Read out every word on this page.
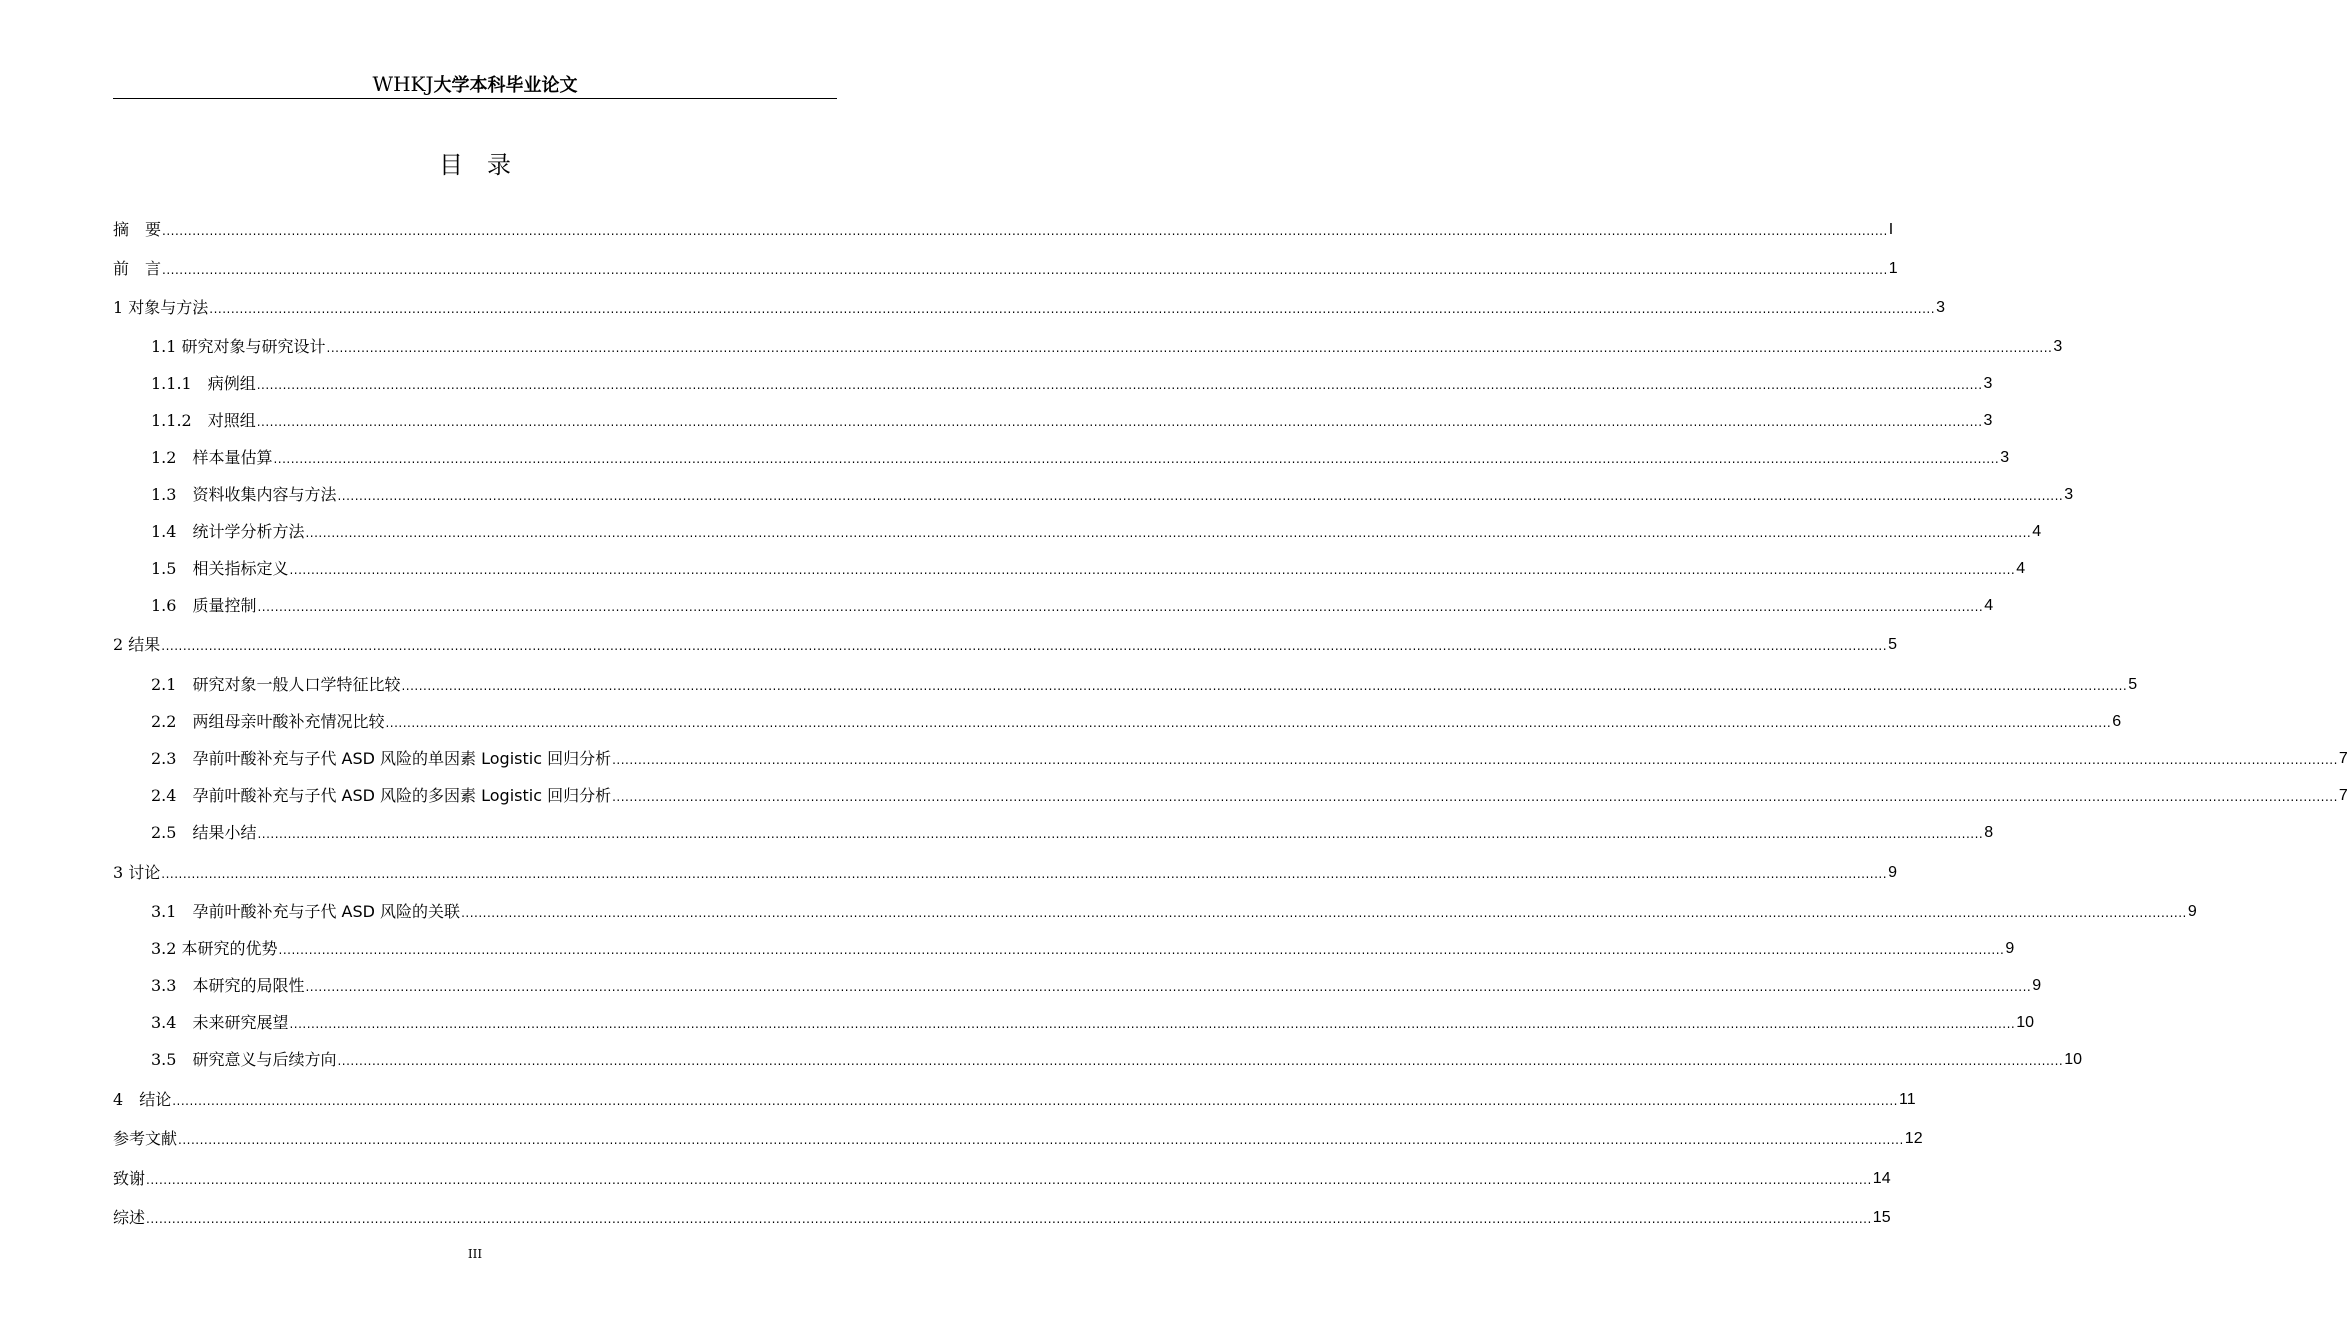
WHKJ大学本科毕业论文
目录
摘　要 ................................................................................................................................................................................................................................................................................................................................................................................................................ I
前　言 ................................................................................................................................................................................................................................................................................................................................................................................................................ 1
1 对象与方法 ................................................................................................................................................................................................................................................................................................................................................................................................................ 3
1.1 研究对象与研究设计 ................................................................................................................................................................................................................................................................................................................................................................................................................ 3
1.1.1　病例组 ................................................................................................................................................................................................................................................................................................................................................................................................................ 3
1.1.2　对照组 ................................................................................................................................................................................................................................................................................................................................................................................................................ 3
1.2　样本量估算 ................................................................................................................................................................................................................................................................................................................................................................................................................ 3
1.3　资料收集内容与方法 ................................................................................................................................................................................................................................................................................................................................................................................................................ 3
1.4　统计学分析方法 ................................................................................................................................................................................................................................................................................................................................................................................................................ 4
1.5　相关指标定义 ................................................................................................................................................................................................................................................................................................................................................................................................................ 4
1.6　质量控制 ................................................................................................................................................................................................................................................................................................................................................................................................................ 4
2 结果 ................................................................................................................................................................................................................................................................................................................................................................................................................ 5
2.1　研究对象一般人口学特征比较 ................................................................................................................................................................................................................................................................................................................................................................................................................ 5
2.2　两组母亲叶酸补充情况比较 ................................................................................................................................................................................................................................................................................................................................................................................................................ 6
2.3　孕前叶酸补充与子代 ASD 风险的单因素 Logistic 回归分析 ................................................................................................................................................................................................................................................................................................................................................................................................................ 7
2.4　孕前叶酸补充与子代 ASD 风险的多因素 Logistic 回归分析 ................................................................................................................................................................................................................................................................................................................................................................................................................ 7
2.5　结果小结 ................................................................................................................................................................................................................................................................................................................................................................................................................ 8
3 讨论 ................................................................................................................................................................................................................................................................................................................................................................................................................ 9
3.1　孕前叶酸补充与子代 ASD 风险的关联 ................................................................................................................................................................................................................................................................................................................................................................................................................ 9
3.2 本研究的优势 ................................................................................................................................................................................................................................................................................................................................................................................................................ 9
3.3　本研究的局限性 ................................................................................................................................................................................................................................................................................................................................................................................................................ 9
3.4　未来研究展望 ................................................................................................................................................................................................................................................................................................................................................................................................................ 10
3.5　研究意义与后续方向 ................................................................................................................................................................................................................................................................................................................................................................................................................ 10
4　结论 ................................................................................................................................................................................................................................................................................................................................................................................................................ 11
参考文献 ................................................................................................................................................................................................................................................................................................................................................................................................................ 12
致谢 ................................................................................................................................................................................................................................................................................................................................................................................................................ 14
综述 ................................................................................................................................................................................................................................................................................................................................................................................................................ 15
III
